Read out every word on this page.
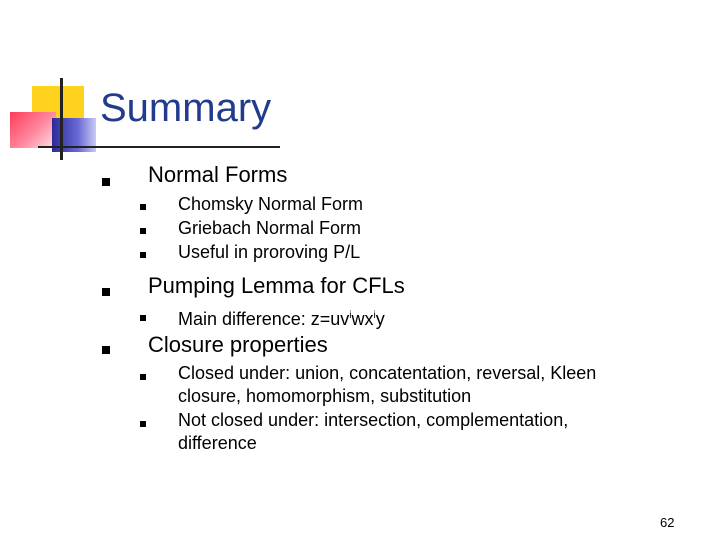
Summary
Normal Forms
Chomsky Normal Form
Griebach Normal Form
Useful in proroving P/L
Pumping Lemma for CFLs
Main difference: $z=uv^iwx^iy$
Closure properties
Closed under: union, concatentation, reversal, Kleen closure, homomorphism, substitution
Not closed under: intersection, complementation, difference
62
